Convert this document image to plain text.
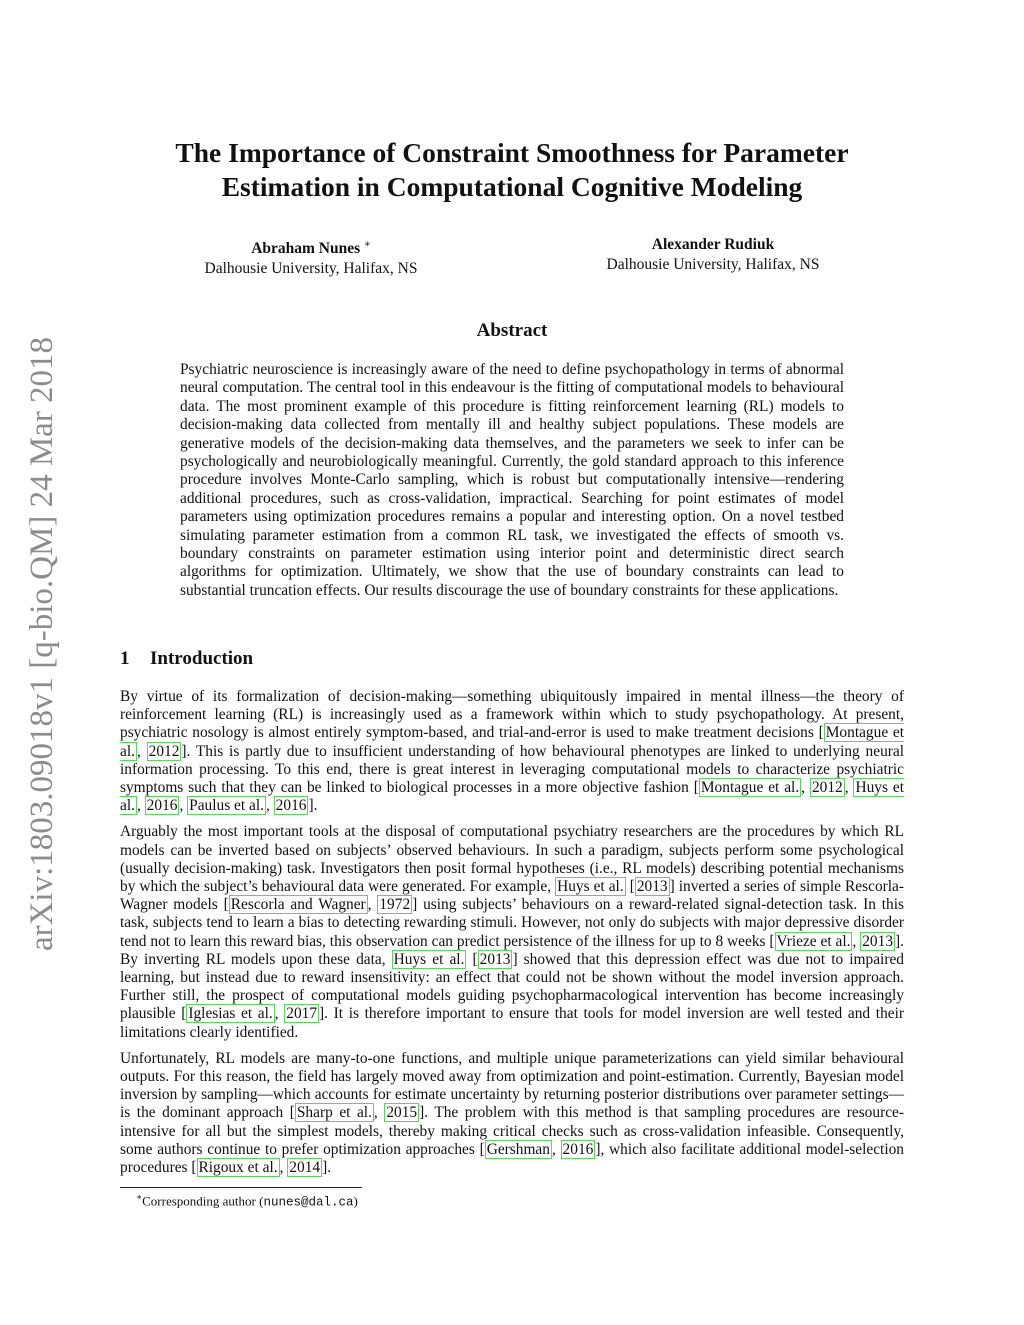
arXiv:1803.09018v1 [q-bio.QM] 24 Mar 2018
The Importance of Constraint Smoothness for Parameter
Estimation in Computational Cognitive Modeling
Abraham Nunes ∗
Dalhousie University, Halifax, NS
Alexander Rudiuk
Dalhousie University, Halifax, NS
Abstract
Psychiatric neuroscience is increasingly aware of the need to define psychopathology in terms of abnormal neural computation. The central tool in this endeavour is the fitting of computational models to behavioural data. The most prominent example of this procedure is fitting reinforcement learning (RL) models to decision-making data collected from mentally ill and healthy subject populations. These models are generative models of the decision-making data themselves, and the parameters we seek to infer can be psychologically and neurobiologically meaningful. Currently, the gold standard approach to this inference procedure involves Monte-Carlo sampling, which is robust but computationally intensive—rendering additional procedures, such as cross-validation, impractical. Searching for point estimates of model parameters using optimization procedures remains a popular and interesting option. On a novel testbed simulating parameter estimation from a common RL task, we investigated the effects of smooth vs. boundary constraints on parameter estimation using interior point and deterministic direct search algorithms for optimization. Ultimately, we show that the use of boundary constraints can lead to substantial truncation effects. Our results discourage the use of boundary constraints for these applications.
1 Introduction

By virtue of its formalization of decision-making—something ubiquitously impaired in mental illness—the theory of reinforcement learning (RL) is increasingly used as a framework within which to study psychopathology. At present, psychiatric nosology is almost entirely symptom-based, and trial-and-error is used to make treatment decisions [ Montague et al. , 2012 ]. This is partly due to insufficient understanding of how behavioural phenotypes are linked to underlying neural information processing. To this end, there is great interest in leveraging computational models to characterize psychiatric symptoms such that they can be linked to biological processes in a more objective fashion [ Montague et al. , 2012 , Huys et al. , 2016 , Paulus et al. , 2016 ].

Arguably the most important tools at the disposal of computational psychiatry researchers are the procedures by which RL models can be inverted based on subjects’ observed behaviours. In such a paradigm, subjects perform some psychological (usually decision-making) task. Investigators then posit formal hypotheses (i.e., RL models) describing potential mechanisms by which the subject’s behavioural data were generated. For example, Huys et al. [ 2013 ] inverted a series of simple Rescorla-Wagner models [ Rescorla and Wagner , 1972 ] using subjects’ behaviours on a reward-related signal-detection task. In this task, subjects tend to learn a bias to detecting rewarding stimuli. However, not only do subjects with major depressive disorder tend not to learn this reward bias, this observation can predict persistence of the illness for up to 8 weeks [ Vrieze et al. , 2013 ]. By inverting RL models upon these data, Huys et al. [ 2013 ] showed that this depression effect was due not to impaired learning, but instead due to reward insensitivity: an effect that could not be shown without the model inversion approach. Further still, the prospect of computational models guiding psychopharmacological intervention has become increasingly plausible [ Iglesias et al. , 2017 ]. It is therefore important to ensure that tools for model inversion are well tested and their limitations clearly identified.

Unfortunately, RL models are many-to-one functions, and multiple unique parameterizations can yield similar behavioural outputs. For this reason, the field has largely moved away from optimization and point-estimation. Currently, Bayesian model inversion by sampling—which accounts for estimate uncertainty by returning posterior distributions over parameter settings—is the dominant approach [ Sharp et al. , 2015 ]. The problem with this method is that sampling procedures are resource-intensive for all but the simplest models, thereby making critical checks such as cross-validation infeasible. Consequently, some authors continue to prefer optimization approaches [ Gershman , 2016 ], which also facilitate additional model-selection procedures [ Rigoux et al. , 2014 ].

∗Corresponding author (nunes@dal.ca)
